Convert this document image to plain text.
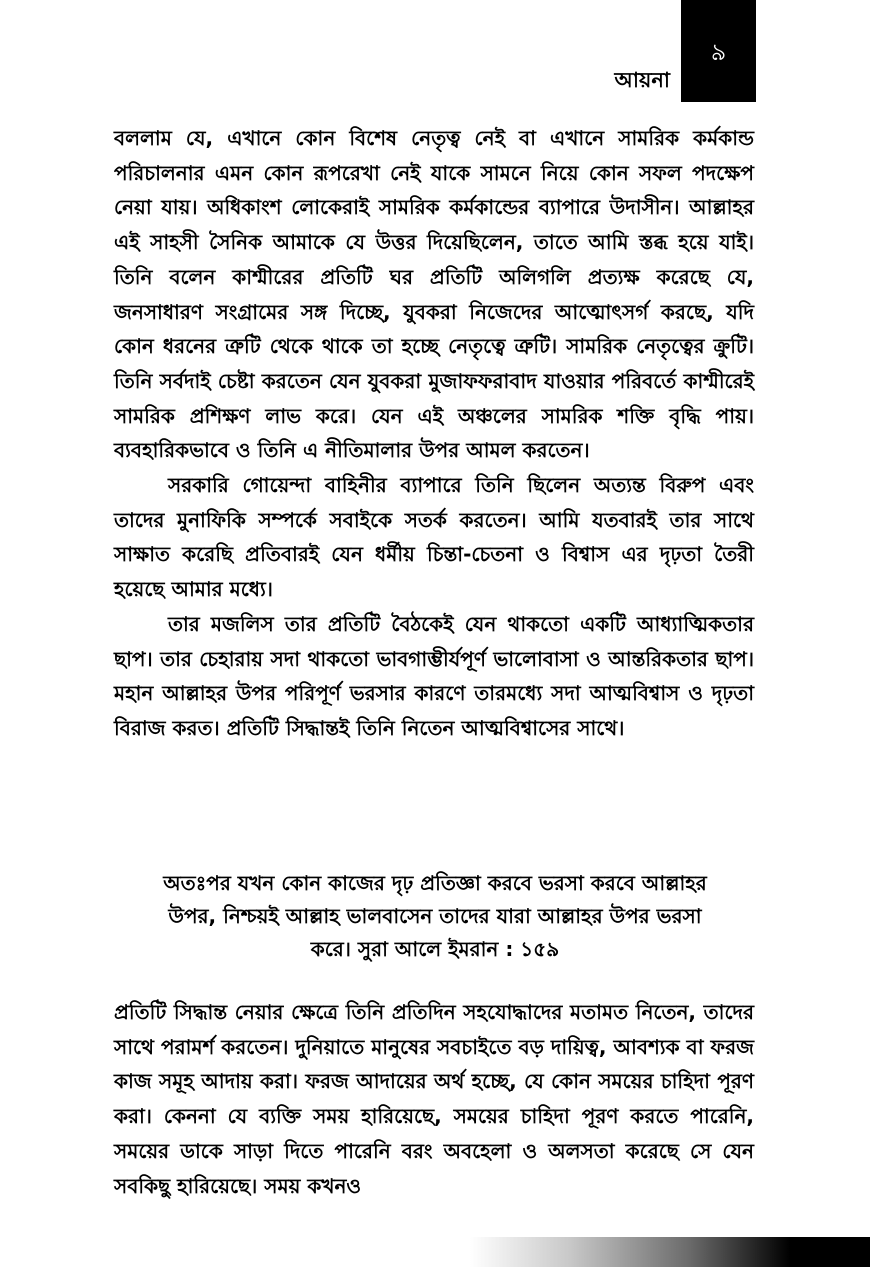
আয়না
৯

বললাম যে, এখানে কোন বিশেষ নেতৃত্ব নেই বা এখানে সামরিক কর্মকান্ড পরিচালনার এমন কোন রূপরেখা নেই যাকে সামনে নিয়ে কোন সফল পদক্ষেপ নেয়া যায়। অধিকাংশ লোকেরাই সামরিক কর্মকান্ডের ব্যাপারে উদাসীন। আল্লাহর এই সাহসী সৈনিক আমাকে যে উত্তর দিয়েছিলেন, তাতে আমি স্তব্ধ হয়ে যাই। তিনি বলেন কাশ্মীরের প্রতিটি ঘর প্রতিটি অলিগলি প্রত্যক্ষ করেছে যে, জনসাধারণ সংগ্রামের সঙ্গ দিচ্ছে, যুবকরা নিজেদের আত্মোৎসর্গ করছে, যদি কোন ধরনের ত্রুটি থেকে থাকে তা হচ্ছে নেতৃত্বে ত্রুটি। সামরিক নেতৃত্বের ক্রুটি। তিনি সর্বদাই চেষ্টা করতেন যেন যুবকরা মুজাফফরাবাদ যাওয়ার পরিবর্তে কাশ্মীরেই সামরিক প্রশিক্ষণ লাভ করে। যেন এই অঞ্চলের সামরিক শক্তি বৃদ্ধি পায়। ব্যবহারিকভাবে ও তিনি এ নীতিমালার উপর আমল করতেন।

সরকারি গোয়েন্দা বাহিনীর ব্যাপারে তিনি ছিলেন অত্যন্ত বিরুপ এবং তাদের মুনাফিকি সম্পর্কে সবাইকে সতর্ক করতেন। আমি যতবারই তার সাথে সাক্ষাত করেছি প্রতিবারই যেন ধর্মীয় চিন্তা-চেতনা ও বিশ্বাস এর দৃঢ়তা তৈরী হয়েছে আমার মধ্যে।

তার মজলিস তার প্রতিটি বৈঠকেই যেন থাকতো একটি আধ্যাত্মিকতার ছাপ। তার চেহারায় সদা থাকতো ভাবগাম্ভীর্যপূর্ণ ভালোবাসা ও আন্তরিকতার ছাপ। মহান আল্লাহর উপর পরিপূর্ণ ভরসার কারণে তারমধ্যে সদা আত্মবিশ্বাস ও দৃঢ়তা বিরাজ করত। প্রতিটি সিদ্ধান্তই তিনি নিতেন আত্মবিশ্বাসের সাথে।

অতঃপর যখন কোন কাজের দৃঢ় প্রতিজ্ঞা করবে ভরসা করবে আল্লাহর উপর, নিশ্চয়ই আল্লাহ ভালবাসেন তাদের যারা আল্লাহর উপর ভরসা করে। সুরা আলে ইমরান : ১৫৯

প্রতিটি সিদ্ধান্ত নেয়ার ক্ষেত্রে তিনি প্রতিদিন সহযোদ্ধাদের মতামত নিতেন, তাদের সাথে পরামর্শ করতেন। দুনিয়াতে মানুষের সবচাইতে বড় দায়িত্ব, আবশ্যক বা ফরজ কাজ সমূহ আদায় করা। ফরজ আদায়ের অর্থ হচ্ছে, যে কোন সময়ের চাহিদা পূরণ করা। কেননা যে ব্যক্তি সময় হারিয়েছে, সময়ের চাহিদা পূরণ করতে পারেনি, সময়ের ডাকে সাড়া দিতে পারেনি বরং অবহেলা ও অলসতা করেছে সে যেন সবকিছু হারিয়েছে। সময় কখনও
